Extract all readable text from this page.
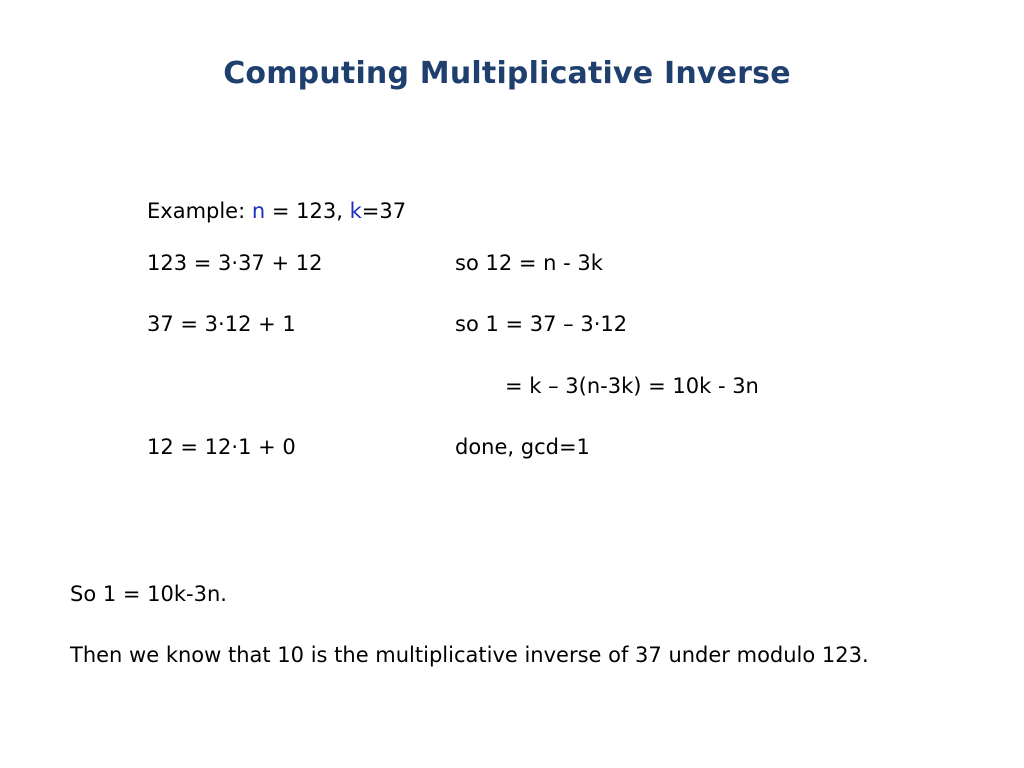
Computing Multiplicative Inverse
Example: n = 123, k=37
123 = 3·37 + 12	so 12 = n - 3k
37 = 3·12 + 1	so 1 = 37 – 3·12
= k – 3(n-3k) = 10k - 3n
12 = 12·1 + 0	done, gcd=1
So 1 = 10k-3n.
Then we know that 10 is the multiplicative inverse of 37 under modulo 123.
